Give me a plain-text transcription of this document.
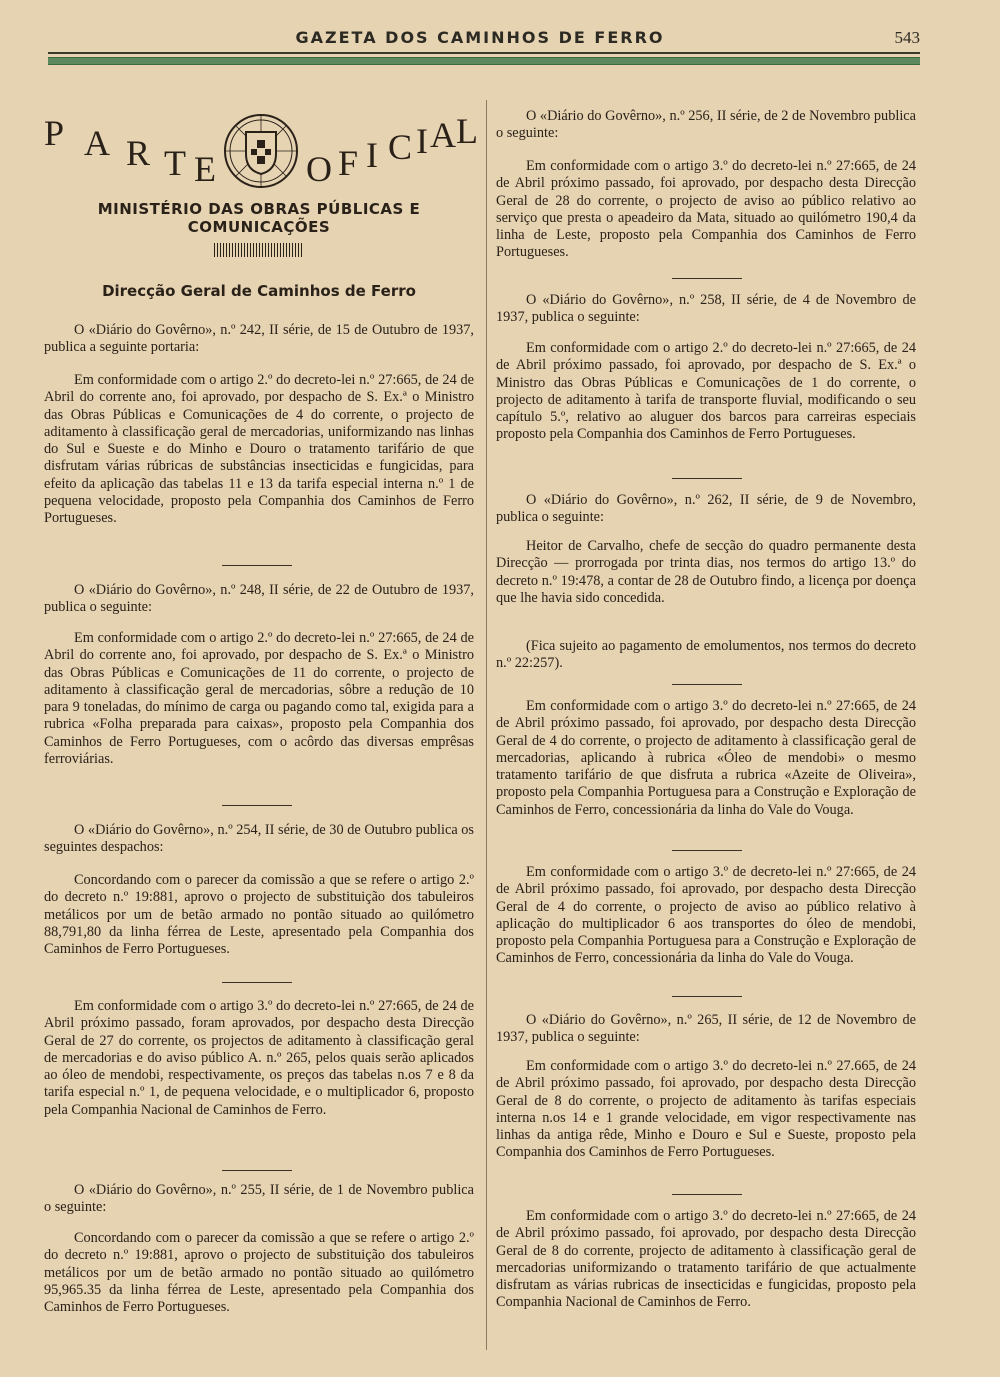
GAZETA DOS CAMINHOS DE FERRO	543
P A R T E O F I C I A L
MINISTÉRIO DAS OBRAS PÚBLICAS E COMUNICAÇÕES
Direcção Geral de Caminhos de Ferro

O «Diário do Govêrno», n.º 242, II série, de 15 de Outubro de 1937, publica a seguinte portaria:

Em conformidade com o artigo 2.º do decreto-lei n.º 27:665, de 24 de Abril do corrente ano, foi aprovado, por despacho de S. Ex.ª o Ministro das Obras Públicas e Comunicações de 4 do corrente, o projecto de aditamento à classificação geral de mercadorias, uniformizando nas linhas do Sul e Sueste e do Minho e Douro o tratamento tarifário de que disfrutam várias rúbricas de substâncias insecticidas e fungicidas, para efeito da aplicação das tabelas 11 e 13 da tarifa especial interna n.º 1 de pequena velocidade, proposto pela Companhia dos Caminhos de Ferro Portugueses.

O «Diário do Govêrno», n.º 248, II série, de 22 de Outubro de 1937, publica o seguinte:

Em conformidade com o artigo 2.º do decreto-lei n.º 27:665, de 24 de Abril do corrente ano, foi aprovado, por despacho de S. Ex.ª o Ministro das Obras Públicas e Comunicações de 11 do corrente, o projecto de aditamento à classificação geral de mercadorias, sôbre a redução de 10 para 9 toneladas, do mínimo de carga ou pagando como tal, exigida para a rubrica «Folha preparada para caixas», proposto pela Companhia dos Caminhos de Ferro Portugueses, com o acôrdo das diversas emprêsas ferroviárias.

O «Diário do Govêrno», n.º 254, II série, de 30 de Outubro publica os seguintes despachos:

Concordando com o parecer da comissão a que se refere o artigo 2.º do decreto n.º 19:881, aprovo o projecto de substituição dos tabuleiros metálicos por um de betão armado no pontão situado ao quilómetro 88,791,80 da linha férrea de Leste, apresentado pela Companhia dos Caminhos de Ferro Portugueses.

Em conformidade com o artigo 3.º do decreto-lei n.º 27:665, de 24 de Abril próximo passado, foram aprovados, por despacho desta Direcção Geral de 27 do corrente, os projectos de aditamento à classificação geral de mercadorias e do aviso público A. n.º 265, pelos quais serão aplicados ao óleo de mendobi, respectivamente, os preços das tabelas n.os 7 e 8 da tarifa especial n.º 1, de pequena velocidade, e o multiplicador 6, proposto pela Companhia Nacional de Caminhos de Ferro.

O «Diário do Govêrno», n.º 255, II série, de 1 de Novembro publica o seguinte:

Concordando com o parecer da comissão a que se refere o artigo 2.º do decreto n.º 19:881, aprovo o projecto de substituição dos tabuleiros metálicos por um de betão armado no pontão situado ao quilómetro 95,965.35 da linha férrea de Leste, apresentado pela Companhia dos Caminhos de Ferro Portugueses.

O «Diário do Govêrno», n.º 256, II série, de 2 de Novembro publica o seguinte:

Em conformidade com o artigo 3.º do decreto-lei n.º 27:665, de 24 de Abril próximo passado, foi aprovado, por despacho desta Direcção Geral de 28 do corrente, o projecto de aviso ao público relativo ao serviço que presta o apeadeiro da Mata, situado ao quilómetro 190,4 da linha de Leste, proposto pela Companhia dos Caminhos de Ferro Portugueses.

O «Diário do Govêrno», n.º 258, II série, de 4 de Novembro de 1937, publica o seguinte:

Em conformidade com o artigo 2.º do decreto-lei n.º 27:665, de 24 de Abril próximo passado, foi aprovado, por despacho de S. Ex.ª o Ministro das Obras Públicas e Comunicações de 1 do corrente, o projecto de aditamento à tarifa de transporte fluvial, modificando o seu capítulo 5.º, relativo ao aluguer dos barcos para carreiras especiais proposto pela Companhia dos Caminhos de Ferro Portugueses.

O «Diário do Govêrno», n.º 262, II série, de 9 de Novembro, publica o seguinte:

Heitor de Carvalho, chefe de secção do quadro permanente desta Direcção — prorrogada por trinta dias, nos termos do artigo 13.º do decreto n.º 19:478, a contar de 28 de Outubro findo, a licença por doença que lhe havia sido concedida.

(Fica sujeito ao pagamento de emolumentos, nos termos do decreto n.º 22:257).

Em conformidade com o artigo 3.º do decreto-lei n.º 27:665, de 24 de Abril próximo passado, foi aprovado, por despacho desta Direcção Geral de 4 do corrente, o projecto de aditamento à classificação geral de mercadorias, aplicando à rubrica «Óleo de mendobi» o mesmo tratamento tarifário de que disfruta a rubrica «Azeite de Oliveira», proposto pela Companhia Portuguesa para a Construção e Exploração de Caminhos de Ferro, concessionária da linha do Vale do Vouga.

Em conformidade com o artigo 3.º de decreto-lei n.º 27:665, de 24 de Abril próximo passado, foi aprovado, por despacho desta Direcção Geral de 4 do corrente, o projecto de aviso ao público relativo à aplicação do multiplicador 6 aos transportes do óleo de mendobi, proposto pela Companhia Portuguesa para a Construção e Exploração de Caminhos de Ferro, concessionária da linha do Vale do Vouga.

O «Diário do Govêrno», n.º 265, II série, de 12 de Novembro de 1937, publica o seguinte:

Em conformidade com o artigo 3.º do decreto-lei n.º 27.665, de 24 de Abril próximo passado, foi aprovado, por despacho desta Direcção Geral de 8 do corrente, o projecto de aditamento às tarifas especiais interna n.os 14 e 1 grande velocidade, em vigor respectivamente nas linhas da antiga rêde, Minho e Douro e Sul e Sueste, proposto pela Companhia dos Caminhos de Ferro Portugueses.

Em conformidade com o artigo 3.º do decreto-lei n.º 27:665, de 24 de Abril próximo passado, foi aprovado, por despacho desta Direcção Geral de 8 do corrente, projecto de aditamento à classificação geral de mercadorias uniformizando o tratamento tarifário de que actualmente disfrutam as várias rubricas de insecticidas e fungicidas, proposto pela Companhia Nacional de Caminhos de Ferro.
